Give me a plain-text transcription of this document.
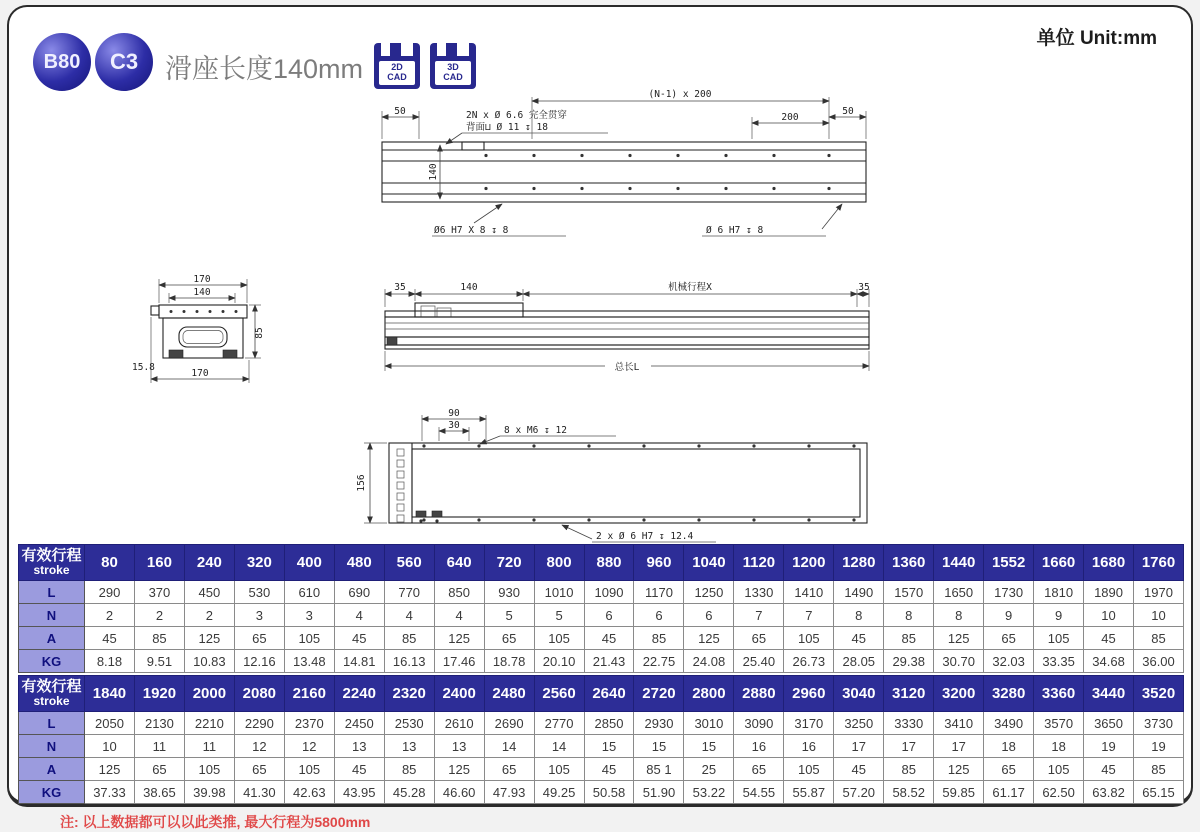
B80	C3 滑座长度140mm	2D
CAD
3D
CAD
单位 Unit:mm
(N-1) x 200
50
200
50
2N x Ø 6.6 完全贯穿
背面⊔ Ø 11 ↧ 18
140
Ø6 H7 X 8 ↧ 8	Ø 6 H7 ↧ 8
170
140
85
15.8
170
35	140	机械行程X	35
总长L
90
30	8 x M6 ↧ 12
156
2 x Ø 6 H7 ↧ 12.4
有效行程
stroke	80	160	240	320	400	480	560	640	720	800	880	960	1040	1120	1200	1280	1360	1440	1552	1660	1680	1760
L	290	370	450	530	610	690	770	850	930	1010	1090	1170	1250	1330	1410	1490	1570	1650	1730	1810	1890	1970
N	2	2	2	3	3	4	4	4	5	5	6	6	6	7	7	8	8	8	9	9	10	10
A	45	85	125	65	105	45	85	125	65	105	45	85	125	65	105	45	85	125	65	105	45	85
KG	8.18	9.51	10.83	12.16	13.48	14.81	16.13	17.46	18.78	20.10	21.43	22.75	24.08	25.40	26.73	28.05	29.38	30.70	32.03	33.35	34.68	36.00
有效行程
stroke	1840	1920	2000	2080	2160	2240	2320	2400	2480	2560	2640	2720	2800	2880	2960	3040	3120	3200	3280	3360	3440	3520
L	2050	2130	2210	2290	2370	2450	2530	2610	2690	2770	2850	2930	3010	3090	3170	3250	3330	3410	3490	3570	3650	3730
N	10	11	11	12	12	13	13	13	14	14	15	15	15	16	16	17	17	17	18	18	19	19
A	125	65	105	65	105	45	85	125	65	105	45	85 1	25	65	105	45	85	125	65	105	45	85
KG	37.33	38.65	39.98	41.30	42.63	43.95	45.28	46.60	47.93	49.25	50.58	51.90	53.22	54.55	55.87	57.20	58.52	59.85	61.17	62.50	63.82	65.15
注: 以上数据都可以以此类推, 最大行程为5800mm
